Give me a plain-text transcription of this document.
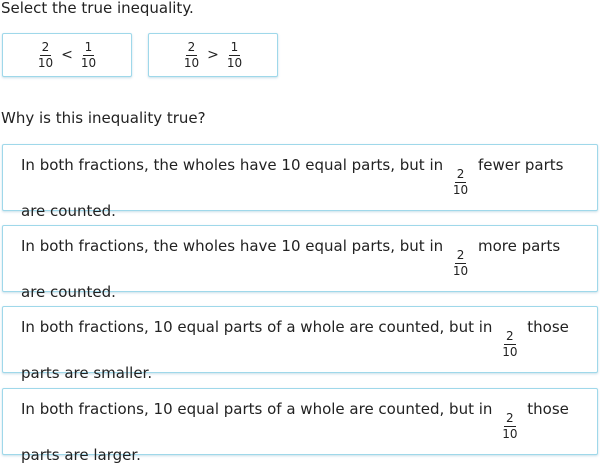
Select the true inequality.
$\frac{2}{10} < \frac{1}{10}$	$\frac{2}{10} > \frac{1}{10}$
Why is this inequality true?
In both fractions, the wholes have 10 equal parts, but in
$\frac{2}{10}$
fewer parts are counted.
In both fractions, the wholes have 10 equal parts, but in
$\frac{2}{10}$
more parts are counted.
In both fractions, 10 equal parts of a whole are counted, but in
$\frac{2}{10}$
those parts are smaller.
In both fractions, 10 equal parts of a whole are counted, but in
$\frac{2}{10}$
those parts are larger.
